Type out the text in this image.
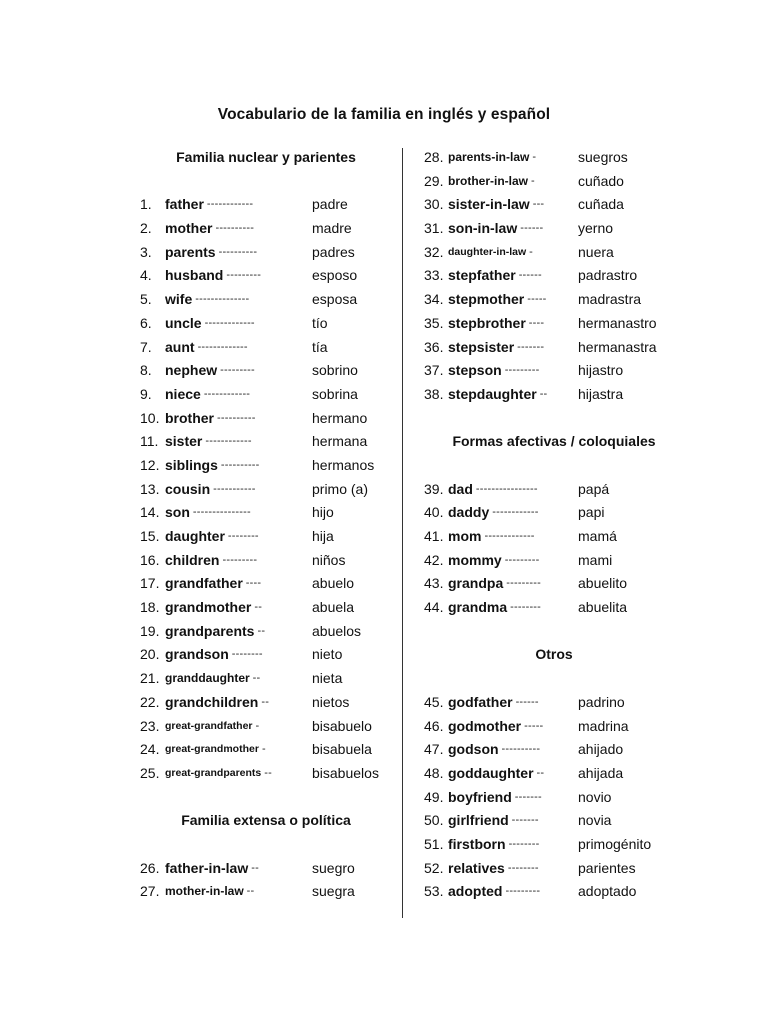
Vocabulario de la familia en inglés y español
Familia nuclear y parientes
1. father ------------	padre
2. mother ----------	madre
3. parents ----------	padres
4. husband ---------	esposo
5. wife --------------	esposa
6. uncle -------------	tío
7. aunt -------------	tía
8. nephew ---------	sobrino
9. niece ------------	sobrina
10. brother ----------	hermano
11. sister ------------	hermana
12. siblings ----------	hermanos
13. cousin -----------	primo (a)
14. son ---------------	hijo
15. daughter --------	hija
16. children ---------	niños
17. grandfather ----	abuelo
18. grandmother --	abuela
19. grandparents --	abuelos
20. grandson --------	nieto
21. granddaughter --	nieta
22. grandchildren --	nietos
23. great-grandfather -	bisabuelo
24. great-grandmother -	bisabuela
25. great-grandparents --	bisabuelos
Familia extensa o política
26. father-in-law --	suegro
27. mother-in-law --	suegra
28. parents-in-law -	suegros
29. brother-in-law -	cuñado
30. sister-in-law ---	cuñada
31. son-in-law ------	yerno
32. daughter-in-law -	nuera
33. stepfather ------	padrastro
34. stepmother -----	madrastra
35. stepbrother ----	hermanastro
36. stepsister -------	hermanastra
37. stepson ---------	hijastro
38. stepdaughter --	hijastra
Formas afectivas / coloquiales
39. dad ----------------	papá
40. daddy ------------	papi
41. mom -------------	mamá
42. mommy ---------	mami
43. grandpa ---------	abuelito
44. grandma --------	abuelita
Otros
45. godfather ------	padrino
46. godmother -----	madrina
47. godson ----------	ahijado
48. goddaughter --	ahijada
49. boyfriend -------	novio
50. girlfriend -------	novia
51. firstborn --------	primogénito
52. relatives --------	parientes
53. adopted ---------	adoptado
